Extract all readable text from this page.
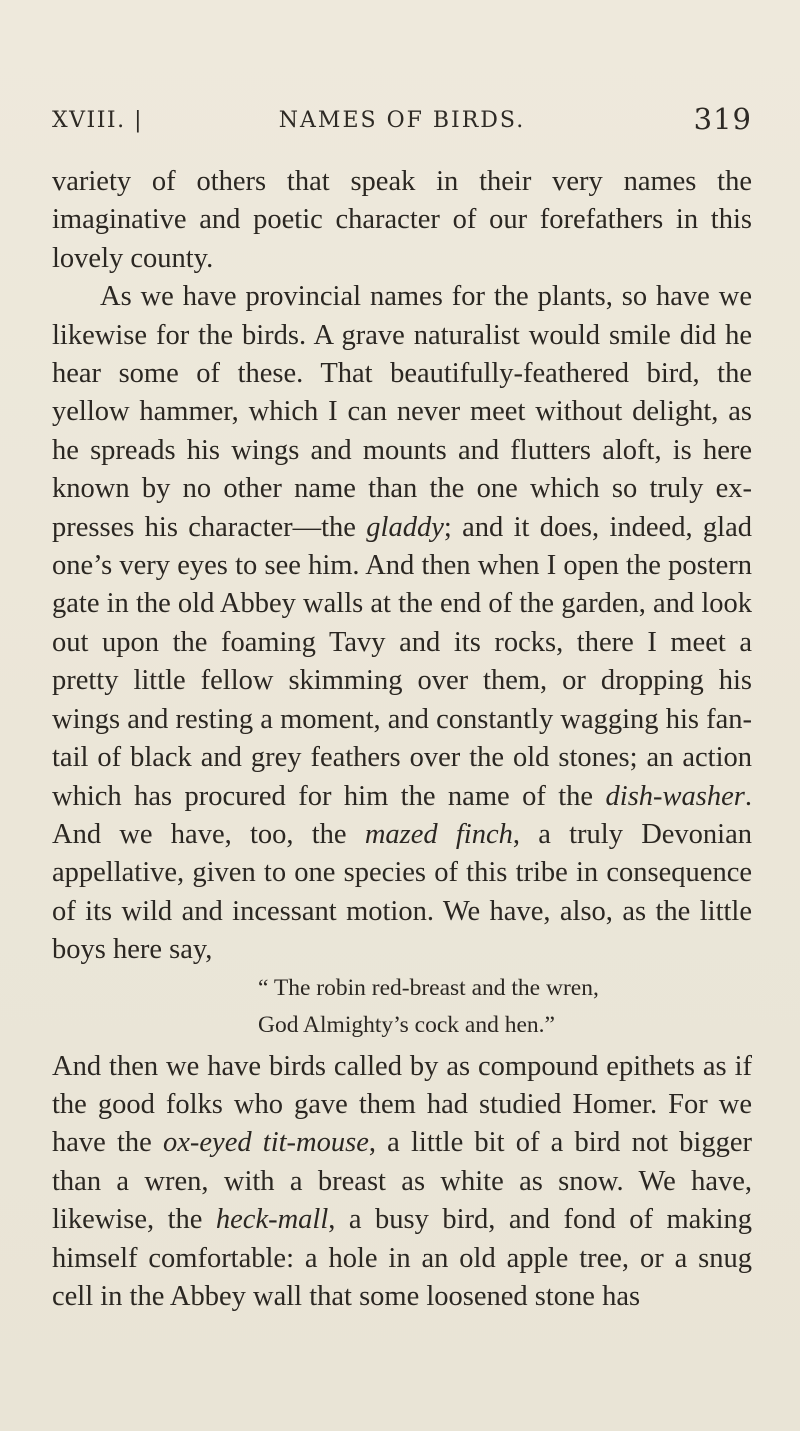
XVIII. |	NAMES OF BIRDS.	319

variety of others that speak in their very names the imaginative and poetic character of our forefathers in this lovely county.

As we have provincial names for the plants, so have we likewise for the birds. A grave naturalist would smile did he hear some of these. That beautifully-feathered bird, the yellow hammer, which I can never meet without delight, as he spreads his wings and mounts and flutters aloft, is here known by no other name than the one which so truly expresses his character—the gladdy; and it does, indeed, glad one’s very eyes to see him. And then when I open the postern gate in the old Abbey walls at the end of the garden, and look out upon the foaming Tavy and its rocks, there I meet a pretty little fellow skimming over them, or dropping his wings and resting a moment, and constantly wagging his fan-tail of black and grey feathers over the old stones; an action which has procured for him the name of the dish-washer. And we have, too, the mazed finch, a truly Devonian appellative, given to one species of this tribe in consequence of its wild and incessant motion. We have, also, as the little boys here say,

“ The robin red-breast and the wren,
God Almighty’s cock and hen.”

And then we have birds called by as compound epithets as if the good folks who gave them had studied Homer. For we have the ox-eyed tit-mouse, a little bit of a bird not bigger than a wren, with a breast as white as snow. We have, likewise, the heck-mall, a busy bird, and fond of making himself comfortable: a hole in an old apple tree, or a snug cell in the Abbey wall that some loosened stone has
